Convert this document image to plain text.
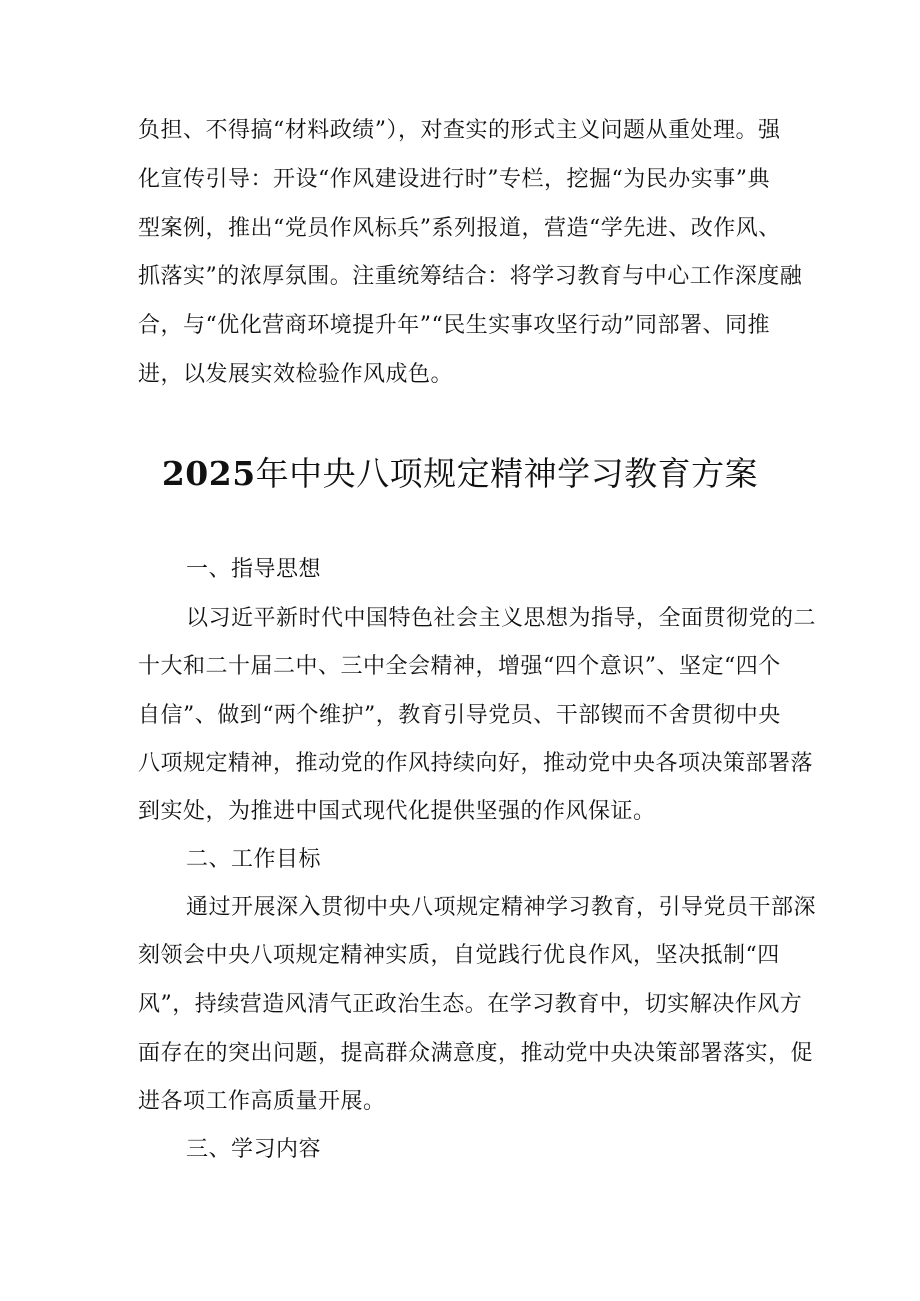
负担、不得搞“材料政绩”），对查实的形式主义问题从重处理。强
化宣传引导：开设“作风建设进行时”专栏，挖掘“为民办实事”典
型案例，推出“党员作风标兵”系列报道，营造“学先进、改作风、
抓落实”的浓厚氛围。注重统筹结合：将学习教育与中心工作深度融
合，与“优化营商环境提升年”“民生实事攻坚行动”同部署、同推
进，以发展实效检验作风成色。
2025年中央八项规定精神学习教育方案
一、指导思想
以习近平新时代中国特色社会主义思想为指导，全面贯彻党的二
十大和二十届二中、三中全会精神，增强“四个意识”、坚定“四个
自信”、做到“两个维护”，教育引导党员、干部锲而不舍贯彻中央
八项规定精神，推动党的作风持续向好，推动党中央各项决策部署落
到实处，为推进中国式现代化提供坚强的作风保证。
二、工作目标
通过开展深入贯彻中央八项规定精神学习教育，引导党员干部深
刻领会中央八项规定精神实质，自觉践行优良作风，坚决抵制“四
风”，持续营造风清气正政治生态。在学习教育中，切实解决作风方
面存在的突出问题，提高群众满意度，推动党中央决策部署落实，促
进各项工作高质量开展。
三、学习内容
